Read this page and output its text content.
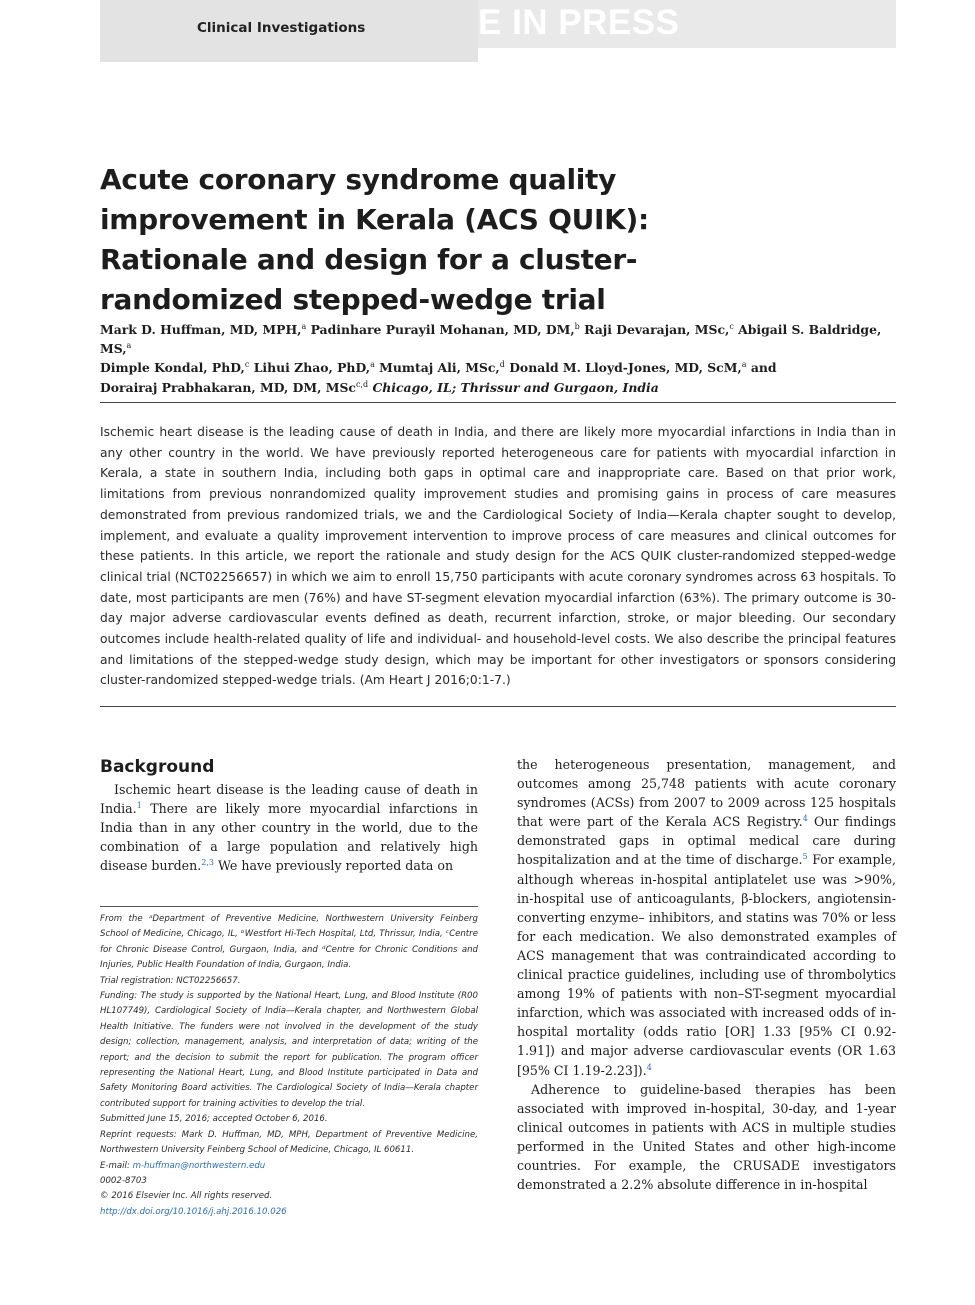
E IN PRESS
Clinical Investigations
Acute coronary syndrome quality improvement in Kerala (ACS QUIK): Rationale and design for a cluster-randomized stepped-wedge trial
Mark D. Huffman, MD, MPH,$^a$ Padinhare Purayil Mohanan, MD, DM,$^b$ Raji Devarajan, MSc,$^c$ Abigail S. Baldridge, MS,$^a$
Dimple Kondal, PhD,$^c$ Lihui Zhao, PhD,$^a$ Mumtaj Ali, MSc,$^d$ Donald M. Lloyd-Jones, MD, ScM,$^a$ and
Dorairaj Prabhakaran, MD, DM, MSc$^{c,d}$ Chicago, IL; Thrissur and Gurgaon, India

Ischemic heart disease is the leading cause of death in India, and there are likely more myocardial infarctions in India than in any other country in the world. We have previously reported heterogeneous care for patients with myocardial infarction in Kerala, a state in southern India, including both gaps in optimal care and inappropriate care. Based on that prior work, limitations from previous nonrandomized quality improvement studies and promising gains in process of care measures demonstrated from previous randomized trials, we and the Cardiological Society of India—Kerala chapter sought to develop, implement, and evaluate a quality improvement intervention to improve process of care measures and clinical outcomes for these patients. In this article, we report the rationale and study design for the ACS QUIK cluster-randomized stepped-wedge clinical trial (NCT02256657) in which we aim to enroll 15,750 participants with acute coronary syndromes across 63 hospitals. To date, most participants are men (76%) and have ST-segment elevation myocardial infarction (63%). The primary outcome is 30-day major adverse cardiovascular events defined as death, recurrent infarction, stroke, or major bleeding. Our secondary outcomes include health-related quality of life and individual- and household-level costs. We also describe the principal features and limitations of the stepped-wedge study design, which may be important for other investigators or sponsors considering cluster-randomized stepped-wedge trials. (Am Heart J 2016;0:1-7.)

Background

Ischemic heart disease is the leading cause of death in India.$^1$ There are likely more myocardial infarctions in India than in any other country in the world, due to the combination of a large population and relatively high disease burden.$^{2,3}$ We have previously reported data on

From the ᵃDepartment of Preventive Medicine, Northwestern University Feinberg School of Medicine, Chicago, IL, ᵇWestfort Hi-Tech Hospital, Ltd, Thrissur, India, ᶜCentre for Chronic Disease Control, Gurgaon, India, and ᵈCentre for Chronic Conditions and Injuries, Public Health Foundation of India, Gurgaon, India.

Trial registration: NCT02256657.

Funding: The study is supported by the National Heart, Lung, and Blood Institute (R00 HL107749), Cardiological Society of India—Kerala chapter, and Northwestern Global Health Initiative. The funders were not involved in the development of the study design; collection, management, analysis, and interpretation of data; writing of the report; and the decision to submit the report for publication. The program officer representing the National Heart, Lung, and Blood Institute participated in Data and Safety Monitoring Board activities. The Cardiological Society of India—Kerala chapter contributed support for training activities to develop the trial.

Submitted June 15, 2016; accepted October 6, 2016.

Reprint requests: Mark D. Huffman, MD, MPH, Department of Preventive Medicine, Northwestern University Feinberg School of Medicine, Chicago, IL 60611.

E-mail: m-huffman@northwestern.edu

0002-8703

© 2016 Elsevier Inc. All rights reserved.

http://dx.doi.org/10.1016/j.ahj.2016.10.026

the heterogeneous presentation, management, and outcomes among 25,748 patients with acute coronary syndromes (ACSs) from 2007 to 2009 across 125 hospitals that were part of the Kerala ACS Registry.$^4$ Our findings demonstrated gaps in optimal medical care during hospitalization and at the time of discharge.$^5$ For example, although whereas in-hospital antiplatelet use was >90%, in-hospital use of anticoagulants, β-blockers, angiotensin-converting enzyme– inhibitors, and statins was 70% or less for each medication. We also demonstrated examples of ACS management that was contraindicated according to clinical practice guidelines, including use of thrombolytics among 19% of patients with non–ST-segment myocardial infarction, which was associated with increased odds of in-hospital mortality (odds ratio [OR] 1.33 [95% CI 0.92-1.91]) and major adverse cardiovascular events (OR 1.63 [95% CI 1.19-2.23]).$^4$

Adherence to guideline-based therapies has been associated with improved in-hospital, 30-day, and 1-year clinical outcomes in patients with ACS in multiple studies performed in the United States and other high-income countries. For example, the CRUSADE investigators demonstrated a 2.2% absolute difference in in-hospital
